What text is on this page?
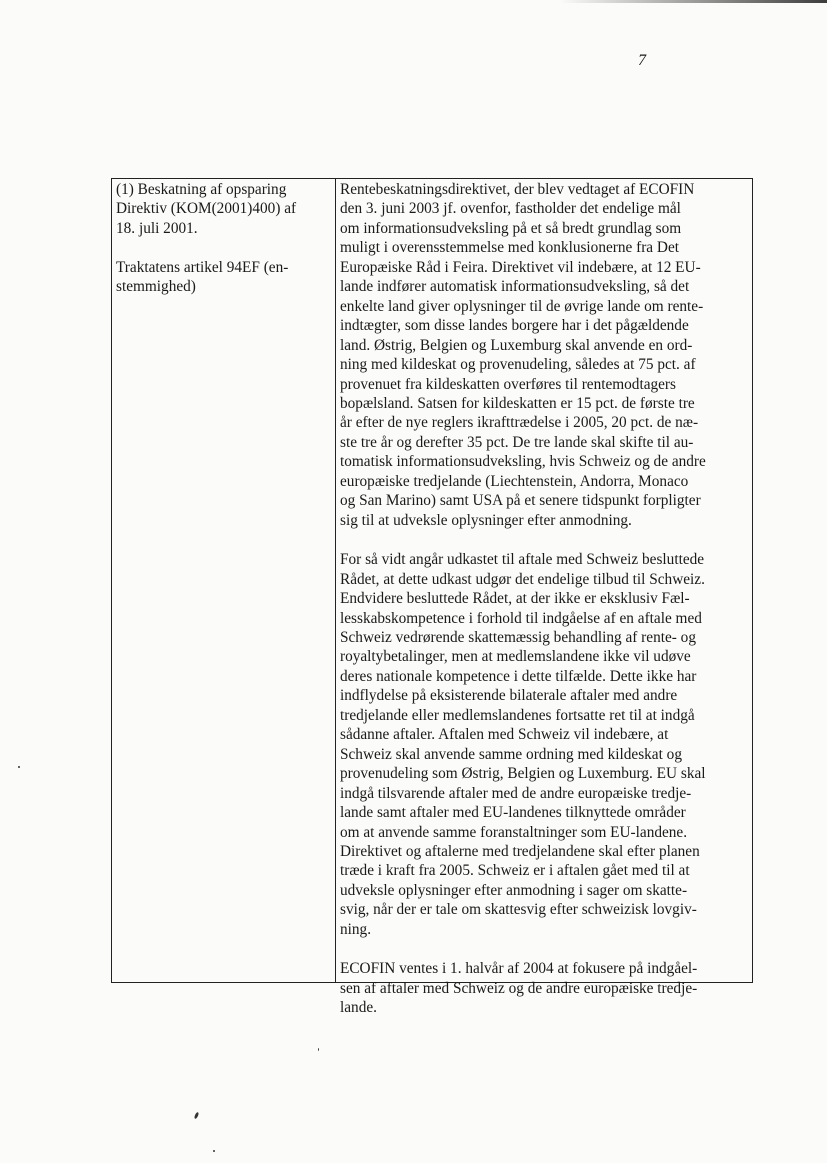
7

(1) Beskatning af opsparing
Direktiv (KOM(2001)400) af
18. juli 2001.

Traktatens artikel 94EF (en-
stemmighed)

Rentebeskatningsdirektivet, der blev vedtaget af ECOFIN
den 3. juni 2003 jf. ovenfor, fastholder det endelige mål
om informationsudveksling på et så bredt grundlag som
muligt i overensstemmelse med konklusionerne fra Det
Europæiske Råd i Feira. Direktivet vil indebære, at 12 EU-
lande indfører automatisk informationsudveksling, så det
enkelte land giver oplysninger til de øvrige lande om rente-
indtægter, som disse landes borgere har i det pågældende
land. Østrig, Belgien og Luxemburg skal anvende en ord-
ning med kildeskat og provenudeling, således at 75 pct. af
provenuet fra kildeskatten overføres til rentemodtagers
bopælsland. Satsen for kildeskatten er 15 pct. de første tre
år efter de nye reglers ikrafttrædelse i 2005, 20 pct. de næ-
ste tre år og derefter 35 pct. De tre lande skal skifte til au-
tomatisk informationsudveksling, hvis Schweiz og de andre
europæiske tredjelande (Liechtenstein, Andorra, Monaco
og San Marino) samt USA på et senere tidspunkt forpligter
sig til at udveksle oplysninger efter anmodning.

For så vidt angår udkastet til aftale med Schweiz besluttede
Rådet, at dette udkast udgør det endelige tilbud til Schweiz.
Endvidere besluttede Rådet, at der ikke er eksklusiv Fæl-
lesskabskompetence i forhold til indgåelse af en aftale med
Schweiz vedrørende skattemæssig behandling af rente- og
royaltybetalinger, men at medlemslandene ikke vil udøve
deres nationale kompetence i dette tilfælde. Dette ikke har
indflydelse på eksisterende bilaterale aftaler med andre
tredjelande eller medlemslandenes fortsatte ret til at indgå
sådanne aftaler. Aftalen med Schweiz vil indebære, at
Schweiz skal anvende samme ordning med kildeskat og
provenudeling som Østrig, Belgien og Luxemburg. EU skal
indgå tilsvarende aftaler med de andre europæiske tredje-
lande samt aftaler med EU-landenes tilknyttede områder
om at anvende samme foranstaltninger som EU-landene.
Direktivet og aftalerne med tredjelandene skal efter planen
træde i kraft fra 2005. Schweiz er i aftalen gået med til at
udveksle oplysninger efter anmodning i sager om skatte-
svig, når der er tale om skattesvig efter schweizisk lovgiv-
ning.

ECOFIN ventes i 1. halvår af 2004 at fokusere på indgåel-
sen af aftaler med Schweiz og de andre europæiske tredje-
lande.
